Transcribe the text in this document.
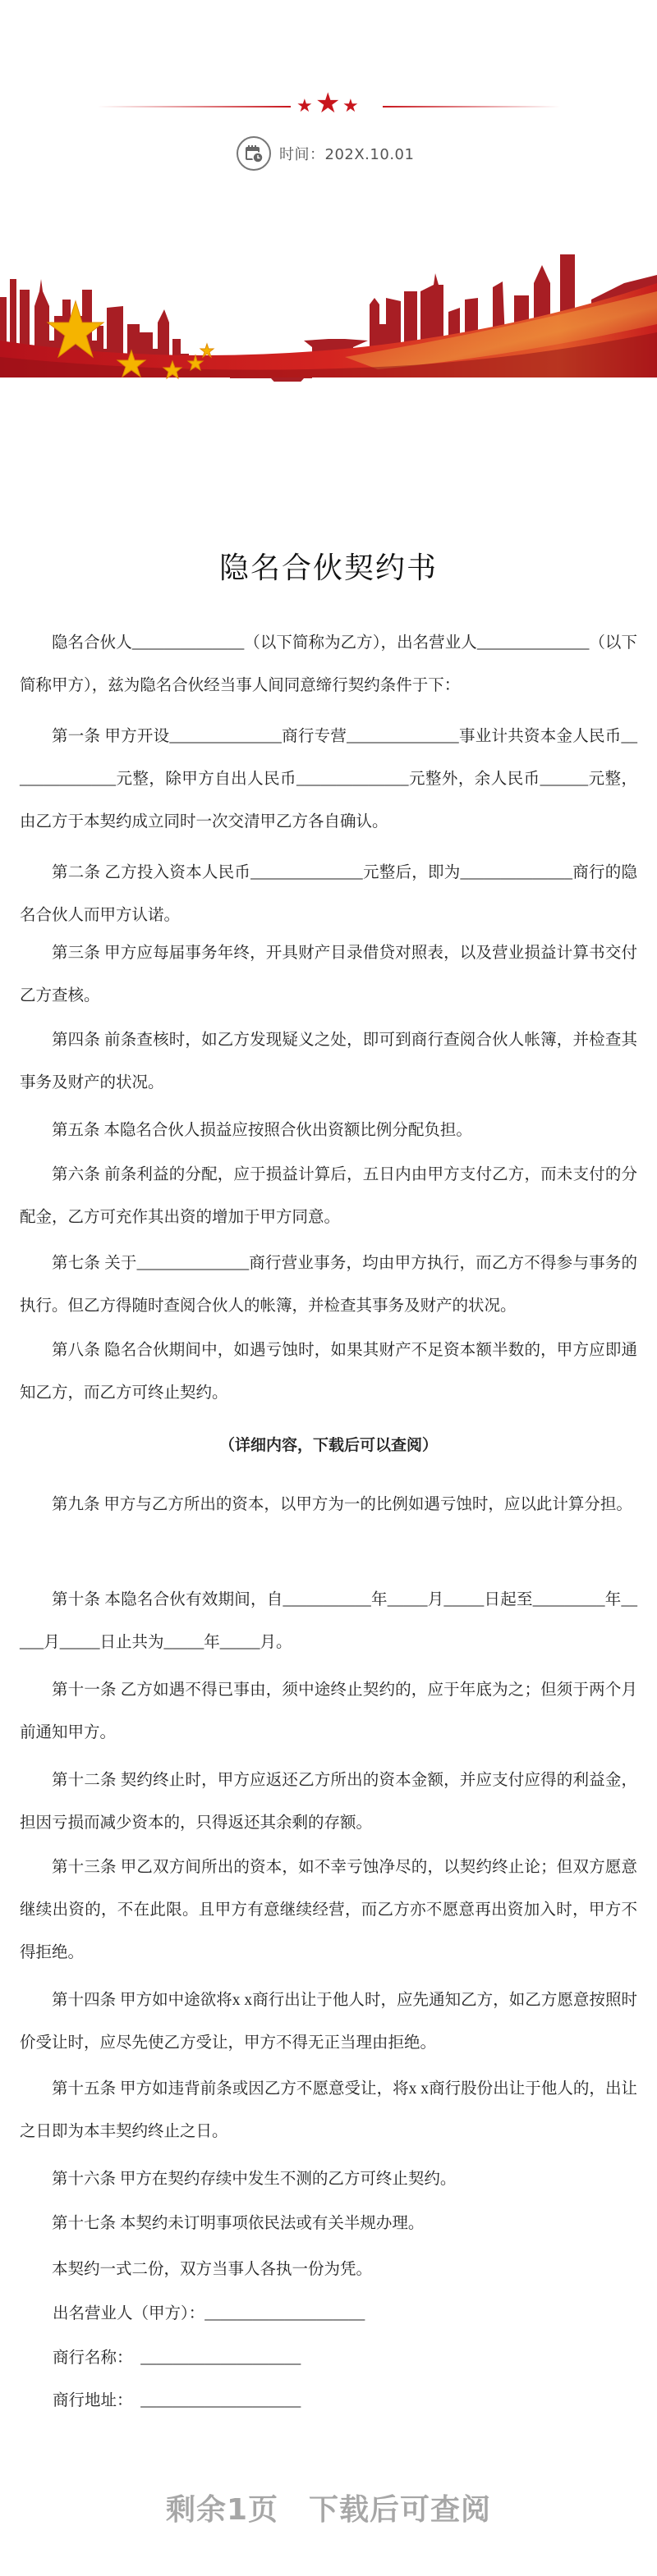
★ ★ ★
时间：202X.10.01
隐名合伙契约书

隐名合伙人______________（以下简称为乙方），出名营业人______________（以下简称甲方），兹为隐名合伙经当事人间同意缔行契约条件于下：

第一条 甲方开设______________商行专营______________事业计共资本金人民币______________元整，除甲方自出人民币______________元整外，余人民币______元整，由乙方于本契约成立同时一次交清甲乙方各自确认。

第二条 乙方投入资本人民币______________元整后，即为______________商行的隐名合伙人而甲方认诺。

第三条 甲方应每届事务年终，开具财产目录借贷对照表，以及营业损益计算书交付乙方查核。

第四条 前条查核时，如乙方发现疑义之处，即可到商行查阅合伙人帐簿，并检查其事务及财产的状况。

第五条 本隐名合伙人损益应按照合伙出资额比例分配负担。

第六条 前条利益的分配，应于损益计算后，五日内由甲方支付乙方，而未支付的分配金，乙方可充作其出资的增加于甲方同意。

第七条 关于______________商行营业事务，均由甲方执行，而乙方不得参与事务的执行。但乙方得随时查阅合伙人的帐簿，并检查其事务及财产的状况。

第八条 隐名合伙期间中，如遇亏蚀时，如果其财产不足资本额半数的，甲方应即通知乙方，而乙方可终止契约。

（详细内容，下载后可以查阅）

第九条 甲方与乙方所出的资本，以甲方为一的比例如遇亏蚀时，应以此计算分担。

第十条 本隐名合伙有效期间，自___________年_____月_____日起至_________年_____月_____日止共为_____年_____月。

第十一条 乙方如遇不得已事由，须中途终止契约的，应于年底为之；但须于两个月前通知甲方。

第十二条 契约终止时，甲方应返还乙方所出的资本金额，并应支付应得的利益金，担因亏损而减少资本的，只得返还其余剩的存额。

第十三条 甲乙双方间所出的资本，如不幸亏蚀净尽的，以契约终止论；但双方愿意继续出资的，不在此限。且甲方有意继续经营，而乙方亦不愿意再出资加入时，甲方不得拒绝。

第十四条 甲方如中途欲将x x商行出让于他人时，应先通知乙方，如乙方愿意按照时价受让时，应尽先使乙方受让，甲方不得无正当理由拒绝。

第十五条 甲方如违背前条或因乙方不愿意受让，将x x商行股份出让于他人的，出让之日即为本丰契约终止之日。

第十六条 甲方在契约存续中发生不测的乙方可终止契约。

第十七条 本契约未订明事项依民法或有关半规办理。

本契约一式二份，双方当事人各执一份为凭。

出名营业人（甲方）：____________________
商行名称：　____________________
商行地址：　____________________
剩余1页　下载后可查阅
